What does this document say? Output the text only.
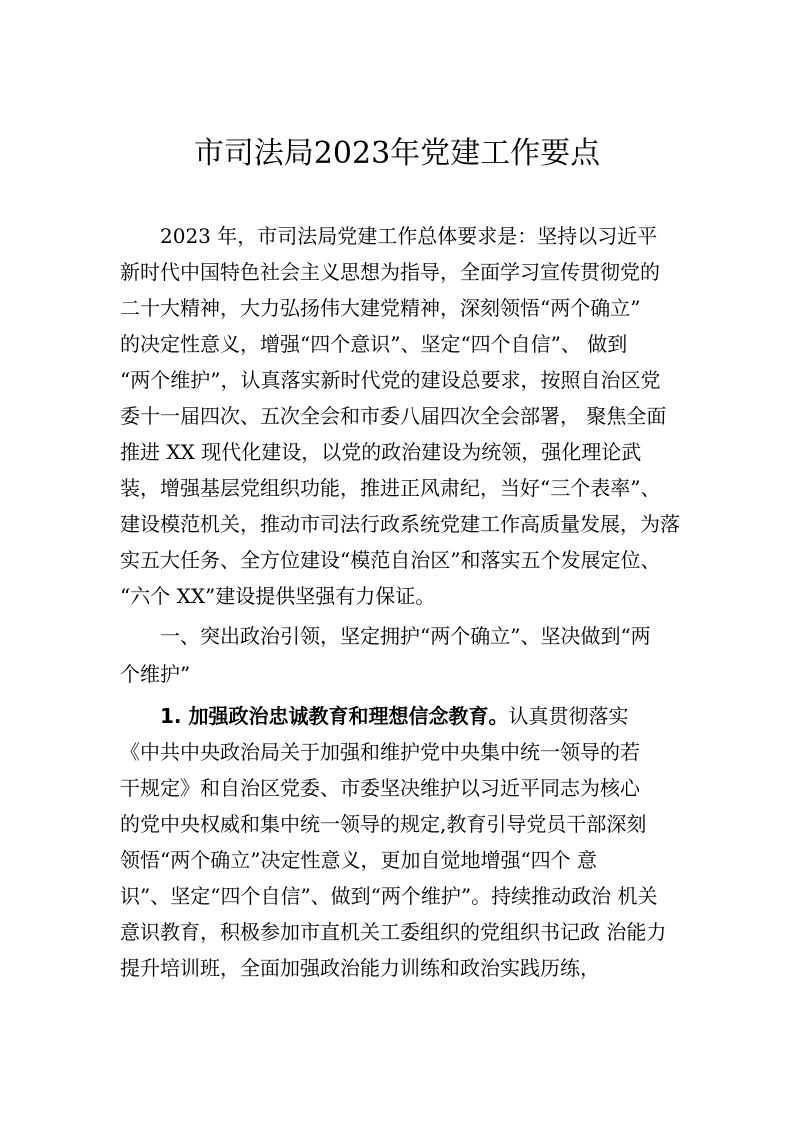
市司法局2023年党建工作要点

2023 年，市司法局党建工作总体要求是：坚持以习近平

新时代中国特色社会主义思想为指导，全面学习宣传贯彻党的

二十大精神，大力弘扬伟大建党精神，深刻领悟“两个确立”

的决定性意义，增强“四个意识”、坚定“四个自信”、 做到

“两个维护”，认真落实新时代党的建设总要求，按照自治区党

委十一届四次、五次全会和市委八届四次全会部署， 聚焦全面

推进 XX 现代化建设，以党的政治建设为统领，强化理论武

装，增强基层党组织功能，推进正风肃纪，当好“三个表率”、

建设模范机关，推动市司法行政系统党建工作高质量发展，为落

实五大任务、全方位建设“模范自治区”和落实五个发展定位、

“六个 XX”建设提供坚强有力保证。

一、突出政治引领，坚定拥护“两个确立”、坚决做到“两

个维护”

1. 加强政治忠诚教育和理想信念教育。认真贯彻落实

《中共中央政治局关于加强和维护党中央集中统一领导的若

干规定》和自治区党委、市委坚决维护以习近平同志为核心

的党中央权威和集中统一领导的规定,教育引导党员干部深刻

领悟“两个确立”决定性意义，更加自觉地增强“四个 意

识”、坚定“四个自信”、做到“两个维护”。持续推动政治 机关

意识教育，积极参加市直机关工委组织的党组织书记政 治能力

提升培训班，全面加强政治能力训练和政治实践历练，
